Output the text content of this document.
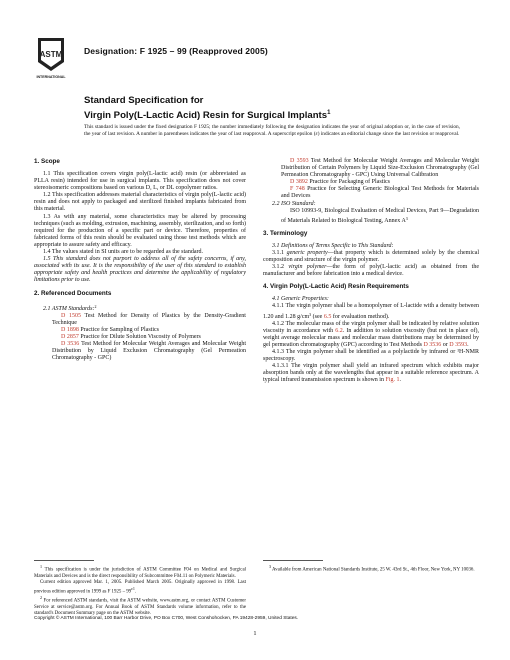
ASTM
INTERNATIONAL
Designation: F 1925 – 99 (Reapproved 2005)
Standard Specification for
Virgin Poly(L-Lactic Acid) Resin for Surgical Implants$^1$
This standard is issued under the fixed designation F 1925; the number immediately following the designation indicates the year of original adoption or, in the case of revision, the year of last revision. A number in parentheses indicates the year of last reapproval. A superscript epsilon (ε) indicates an editorial change since the last revision or reapproval.
1. Scope

1.1 This specification covers virgin poly(L-lactic acid) resin (or abbreviated as PLLA resin) intended for use in surgical implants. This specification does not cover stereoisomeric compositions based on various D, L, or DL copolymer ratios.

1.2 This specification addresses material characteristics of virgin poly(L-lactic acid) resin and does not apply to packaged and sterilized finished implants fabricated from this material.

1.3 As with any material, some characteristics may be altered by processing techniques (such as molding, extrusion, machining, assembly, sterilization, and so forth) required for the production of a specific part or device. Therefore, properties of fabricated forms of this resin should be evaluated using those test methods which are appropriate to assure safety and efficacy.

1.4 The values stated in SI units are to be regarded as the standard.

1.5 This standard does not purport to address all of the safety concerns, if any, associated with its use. It is the responsibility of the user of this standard to establish appropriate safety and health practices and determine the applicability of regulatory limitations prior to use.

2. Referenced Documents

2.1 ASTM Standards:$^2$

D 1505 Test Method for Density of Plastics by the Density-Gradient Technique

D 1898 Practice for Sampling of Plastics

D 2857 Practice for Dilute Solution Viscosity of Polymers

D 3536 Test Method for Molecular Weight Averages and Molecular Weight Distribution by Liquid Exclusion Chromatography (Gel Permeation Chromatography - GPC)

D 3593 Test Method for Molecular Weight Averages and Molecular Weight Distribution of Certain Polymers by Liquid Size-Exclusion Chromatography (Gel Permeation Chromatography - GPC) Using Universal Calibration

D 3892 Practice for Packaging of Plastics

F 748 Practice for Selecting Generic Biological Test Methods for Materials and Devices

2.2 ISO Standard:

ISO 10993-9, Biological Evaluation of Medical Devices, Part 9—Degradation of Materials Related to Biological Testing, Annex $A^3$

3. Terminology

3.1 Definitions of Terms Specific to This Standard:

3.1.1 generic property—that property which is determined solely by the chemical composition and structure of the virgin polymer.

3.1.2 virgin polymer—the form of poly(L-lactic acid) as obtained from the manufacturer and before fabrication into a medical device.

4. Virgin Poly(L-Lactic Acid) Resin Requirements

4.1 Generic Properties:

4.1.1 The virgin polymer shall be a homopolymer of L-lactide with a density between 1.20 and 1.28 $g/cm^3$ (see 6.5 for evaluation method).

4.1.2 The molecular mass of the virgin polymer shall be indicated by relative solution viscosity in accordance with 6.2. In addition to solution viscosity (but not in place of), weight average molecular mass and molecular mass distributions may be determined by gel permeation chromatography (GPC) according to Test Methods D 3536 or D 3593.

4.1.3 The virgin polymer shall be identified as a polylactide by infrared or ¹H-NMR spectroscopy.

4.1.3.1 The virgin polymer shall yield an infrared spectrum which exhibits major absorption bands only at the wavelengths that appear in a suitable reference spectrum. A typical infrared transmission spectrum is shown in Fig. 1.

$^1$ This specification is under the jurisdiction of ASTM Committee F04 on Medical and Surgical Materials and Devices and is the direct responsibility of Subcommittee F04.11 on Polymeric Materials.

Current edition approved Mar. 1, 2005. Published March 2005. Originally approved in 1998. Last previous edition approved in 1999 as F $1925 - 99^{\varepsilon 1}$.

$^2$ For referenced ASTM standards, visit the ASTM website, www.astm.org, or contact ASTM Customer Service at service@astm.org. For Annual Book of ASTM Standards volume information, refer to the standard's Document Summary page on the ASTM website.

$^3$ Available from American National Standards Institute, 25 W. 43rd St., 4th Floor, New York, NY 10036.

Copyright © ASTM International, 100 Barr Harbor Drive, PO Box C700, West Conshohocken, PA 19428-2959, United States.
1
